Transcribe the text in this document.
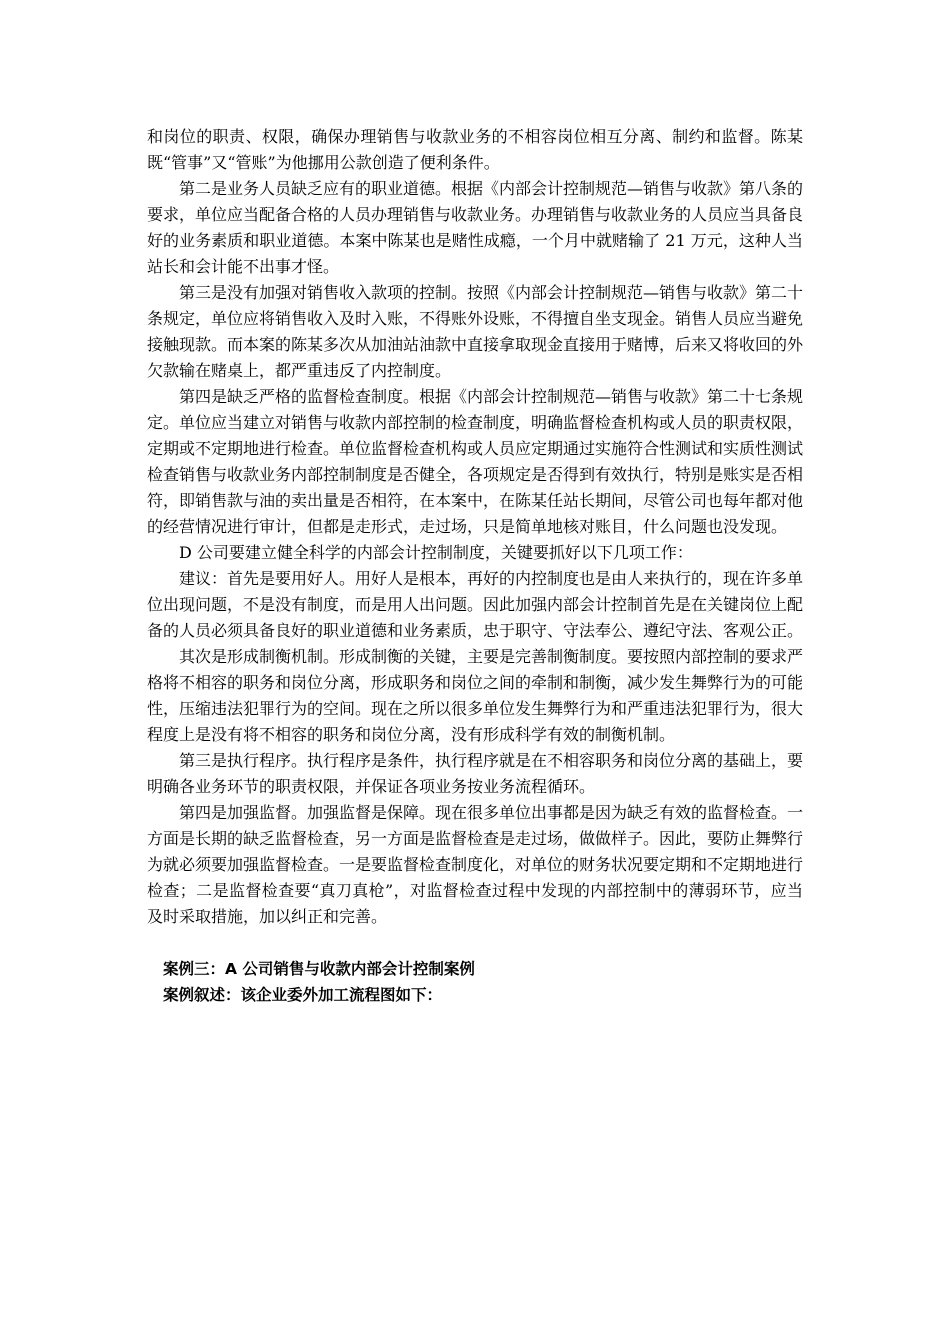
和岗位的职责、权限，确保办理销售与收款业务的不相容岗位相互分离、制约和监督。陈某既“管事”又“管账”为他挪用公款创造了便利条件。

第二是业务人员缺乏应有的职业道德。根据《内部会计控制规范—销售与收款》第八条的要求，单位应当配备合格的人员办理销售与收款业务。办理销售与收款业务的人员应当具备良好的业务素质和职业道德。本案中陈某也是赌性成瘾，一个月中就赌输了 21 万元，这种人当站长和会计能不出事才怪。

第三是没有加强对销售收入款项的控制。按照《内部会计控制规范—销售与收款》第二十条规定，单位应将销售收入及时入账，不得账外设账，不得擅自坐支现金。销售人员应当避免接触现款。而本案的陈某多次从加油站油款中直接拿取现金直接用于赌博，后来又将收回的外欠款输在赌桌上，都严重违反了内控制度。

第四是缺乏严格的监督检查制度。根据《内部会计控制规范—销售与收款》第二十七条规定。单位应当建立对销售与收款内部控制的检查制度，明确监督检查机构或人员的职责权限，定期或不定期地进行检查。单位监督检查机构或人员应定期通过实施符合性测试和实质性测试检查销售与收款业务内部控制制度是否健全，各项规定是否得到有效执行，特别是账实是否相符，即销售款与油的卖出量是否相符，在本案中，在陈某任站长期间，尽管公司也每年都对他的经营情况进行审计，但都是走形式，走过场，只是简单地核对账目，什么问题也没发现。

D 公司要建立健全科学的内部会计控制制度，关键要抓好以下几项工作：

建议：首先是要用好人。用好人是根本，再好的内控制度也是由人来执行的，现在许多单位出现问题，不是没有制度，而是用人出问题。因此加强内部会计控制首先是在关键岗位上配备的人员必须具备良好的职业道德和业务素质，忠于职守、守法奉公、遵纪守法、客观公正。

其次是形成制衡机制。形成制衡的关键，主要是完善制衡制度。要按照内部控制的要求严格将不相容的职务和岗位分离，形成职务和岗位之间的牵制和制衡，减少发生舞弊行为的可能性，压缩违法犯罪行为的空间。现在之所以很多单位发生舞弊行为和严重违法犯罪行为，很大程度上是没有将不相容的职务和岗位分离，没有形成科学有效的制衡机制。

第三是执行程序。执行程序是条件，执行程序就是在不相容职务和岗位分离的基础上，要明确各业务环节的职责权限，并保证各项业务按业务流程循环。

第四是加强监督。加强监督是保障。现在很多单位出事都是因为缺乏有效的监督检查。一方面是长期的缺乏监督检查，另一方面是监督检查是走过场，做做样子。因此，要防止舞弊行为就必须要加强监督检查。一是要监督检查制度化，对单位的财务状况要定期和不定期地进行检查；二是监督检查要“真刀真枪”，对监督检查过程中发现的内部控制中的薄弱环节，应当及时采取措施，加以纠正和完善。

案例三：A 公司销售与收款内部会计控制案例

案例叙述：该企业委外加工流程图如下：
